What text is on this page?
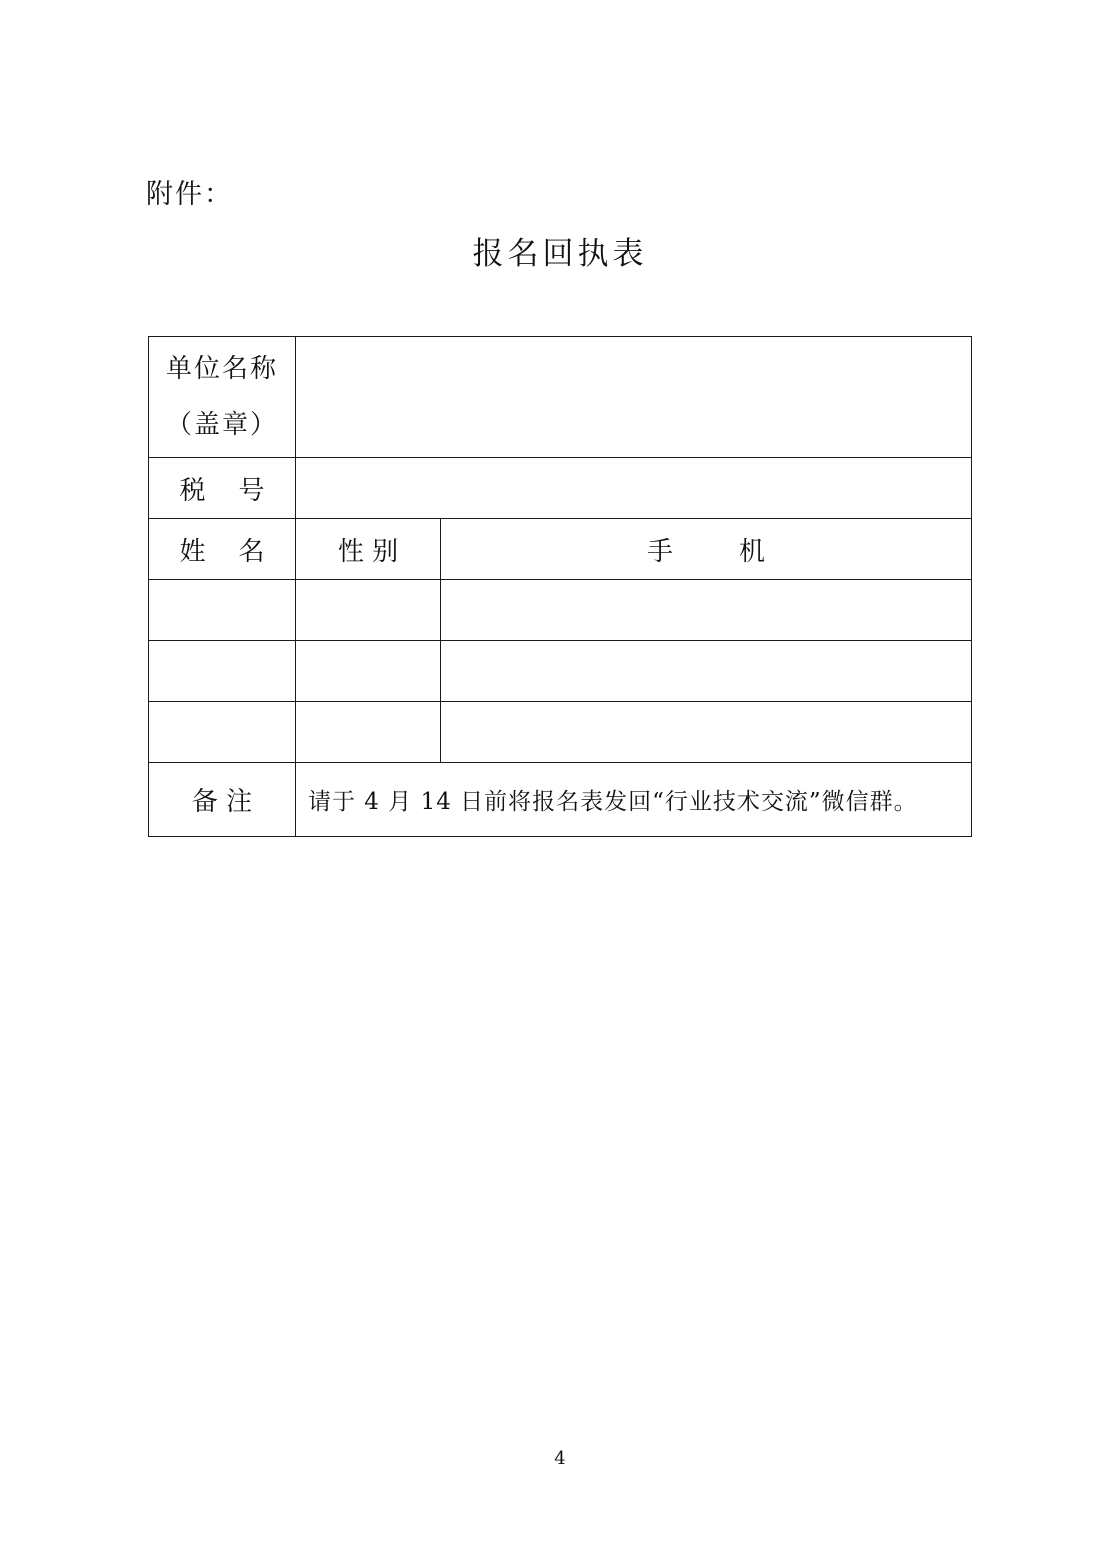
附件：
报名回执表
单位名称
（盖章）		

税    号		
姓    名	性 别	手        机

备 注	请于 4 月 14 日前将报名表发回“行业技术交流”微信群。	
4
